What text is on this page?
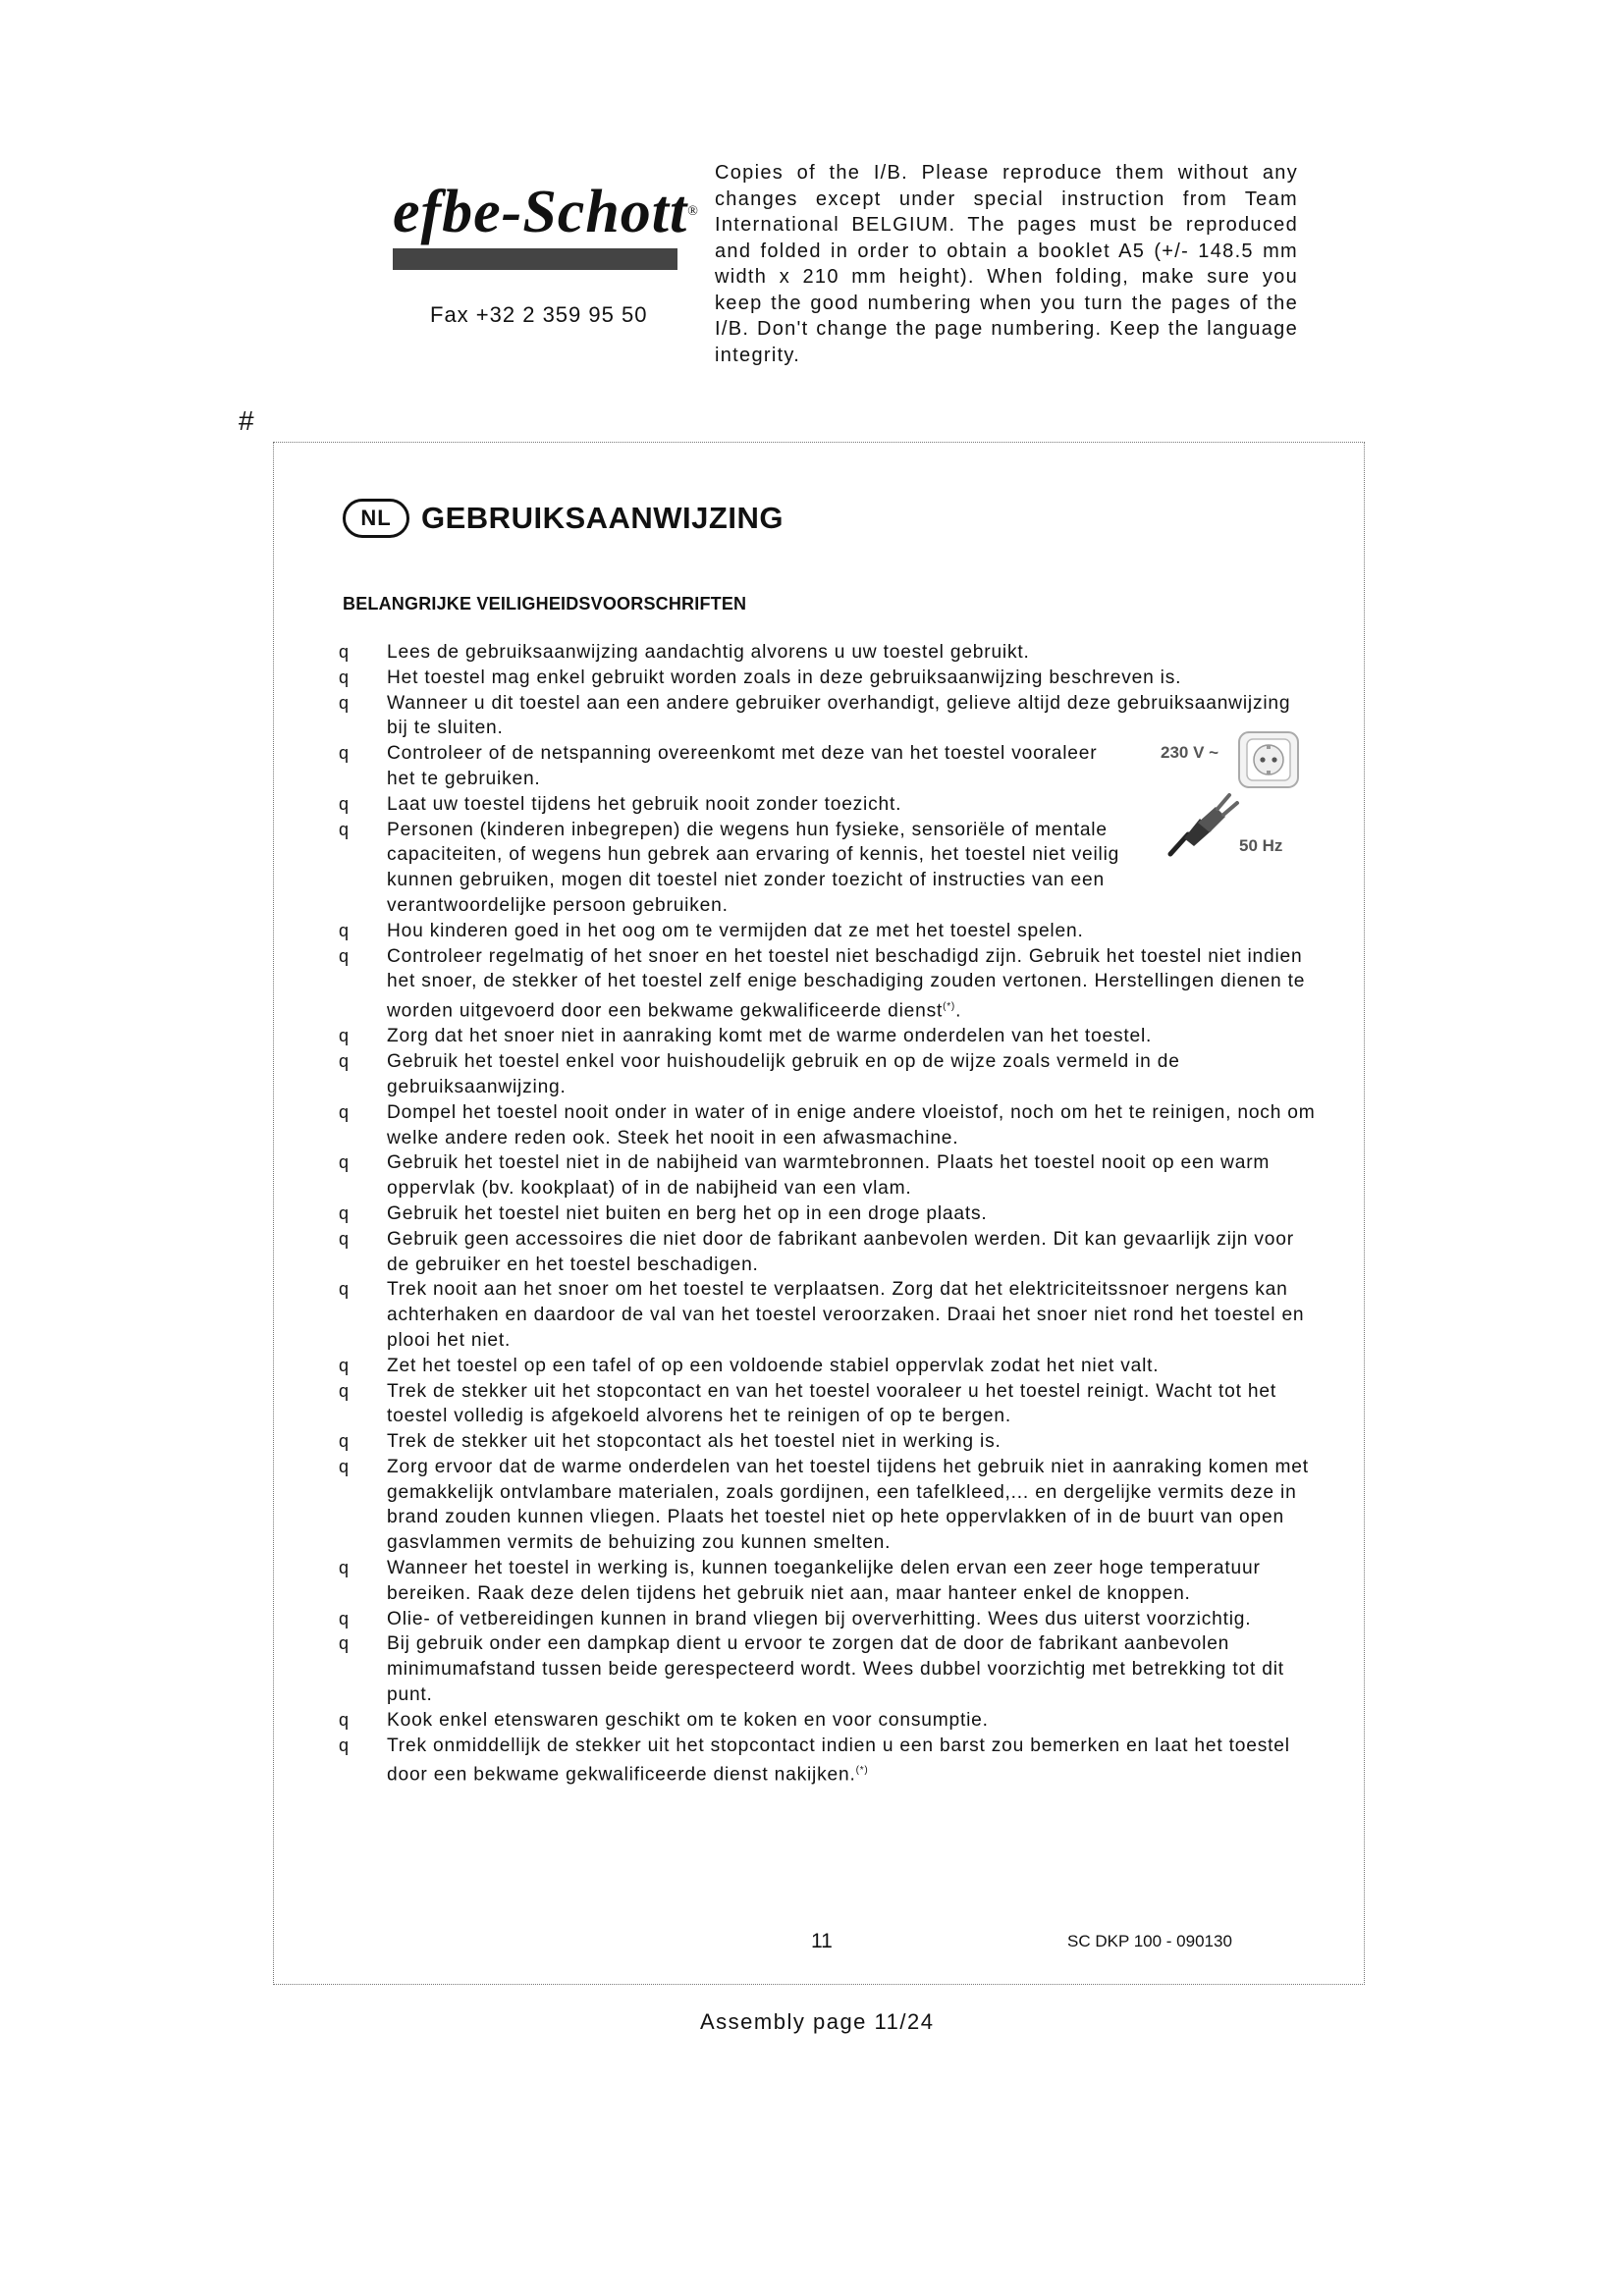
efbe-Schott®
Fax +32 2 359 95 50
Copies of the I/B. Please reproduce them without any changes except under special instruction from Team International BELGIUM. The pages must be reproduced and folded in order to obtain a booklet A5 (+/- 148.5 mm width x 210 mm height). When folding, make sure you keep the good numbering when you turn the pages of the I/B. Don't change the page numbering. Keep the language integrity.
#
NL GEBRUIKSAANWIJZING
BELANGRIJKE VEILIGHEIDSVOORSCHRIFTEN
q Lees de gebruiksaanwijzing aandachtig alvorens u uw toestel gebruikt.
q Het toestel mag enkel gebruikt worden zoals in deze gebruiksaanwijzing beschreven is.
q Wanneer u dit toestel aan een andere gebruiker overhandigt, gelieve altijd deze gebruiksaanwijzing bij te sluiten.
q Controleer of de netspanning overeenkomt met deze van het toestel vooraleer het te gebruiken.
q Laat uw toestel tijdens het gebruik nooit zonder toezicht.
q Personen (kinderen inbegrepen) die wegens hun fysieke, sensoriële of mentale capaciteiten, of wegens hun gebrek aan ervaring of kennis, het toestel niet veilig kunnen gebruiken, mogen dit toestel niet zonder toezicht of instructies van een verantwoordelijke persoon gebruiken.
q Hou kinderen goed in het oog om te vermijden dat ze met het toestel spelen.
q Controleer regelmatig of het snoer en het toestel niet beschadigd zijn. Gebruik het toestel niet indien het snoer, de stekker of het toestel zelf enige beschadiging zouden vertonen. Herstellingen dienen te worden uitgevoerd door een bekwame gekwalificeerde dienst(*).
q Zorg dat het snoer niet in aanraking komt met de warme onderdelen van het toestel.
q Gebruik het toestel enkel voor huishoudelijk gebruik en op de wijze zoals vermeld in de gebruiksaanwijzing.
q Dompel het toestel nooit onder in water of in enige andere vloeistof, noch om het te reinigen, noch om welke andere reden ook. Steek het nooit in een afwasmachine.
q Gebruik het toestel niet in de nabijheid van warmtebronnen. Plaats het toestel nooit op een warm oppervlak (bv. kookplaat) of in de nabijheid van een vlam.
q Gebruik het toestel niet buiten en berg het op in een droge plaats.
q Gebruik geen accessoires die niet door de fabrikant aanbevolen werden. Dit kan gevaarlijk zijn voor de gebruiker en het toestel beschadigen.
q Trek nooit aan het snoer om het toestel te verplaatsen. Zorg dat het elektriciteitssnoer nergens kan achterhaken en daardoor de val van het toestel veroorzaken. Draai het snoer niet rond het toestel en plooi het niet.
q Zet het toestel op een tafel of op een voldoende stabiel oppervlak zodat het niet valt.
q Trek de stekker uit het stopcontact en van het toestel vooraleer u het toestel reinigt. Wacht tot het toestel volledig is afgekoeld alvorens het te reinigen of op te bergen.
q Trek de stekker uit het stopcontact als het toestel niet in werking is.
q Zorg ervoor dat de warme onderdelen van het toestel tijdens het gebruik niet in aanraking komen met gemakkelijk ontvlambare materialen, zoals gordijnen, een tafelkleed,... en dergelijke vermits deze in brand zouden kunnen vliegen. Plaats het toestel niet op hete oppervlakken of in de buurt van open gasvlammen vermits de behuizing zou kunnen smelten.
q Wanneer het toestel in werking is, kunnen toegankelijke delen ervan een zeer hoge temperatuur bereiken. Raak deze delen tijdens het gebruik niet aan, maar hanteer enkel de knoppen.
q Olie- of vetbereidingen kunnen in brand vliegen bij oververhitting. Wees dus uiterst voorzichtig.
q Bij gebruik onder een dampkap dient u ervoor te zorgen dat de door de fabrikant aanbevolen minimumafstand tussen beide gerespecteerd wordt. Wees dubbel voorzichtig met betrekking tot dit punt.
q Kook enkel etenswaren geschikt om te koken en voor consumptie.
q Trek onmiddellijk de stekker uit het stopcontact indien u een barst zou bemerken en laat het toestel door een bekwame gekwalificeerde dienst nakijken.(*)
230 V ~
50 Hz
11	SC DKP 100 - 090130
Assembly page 11/24
